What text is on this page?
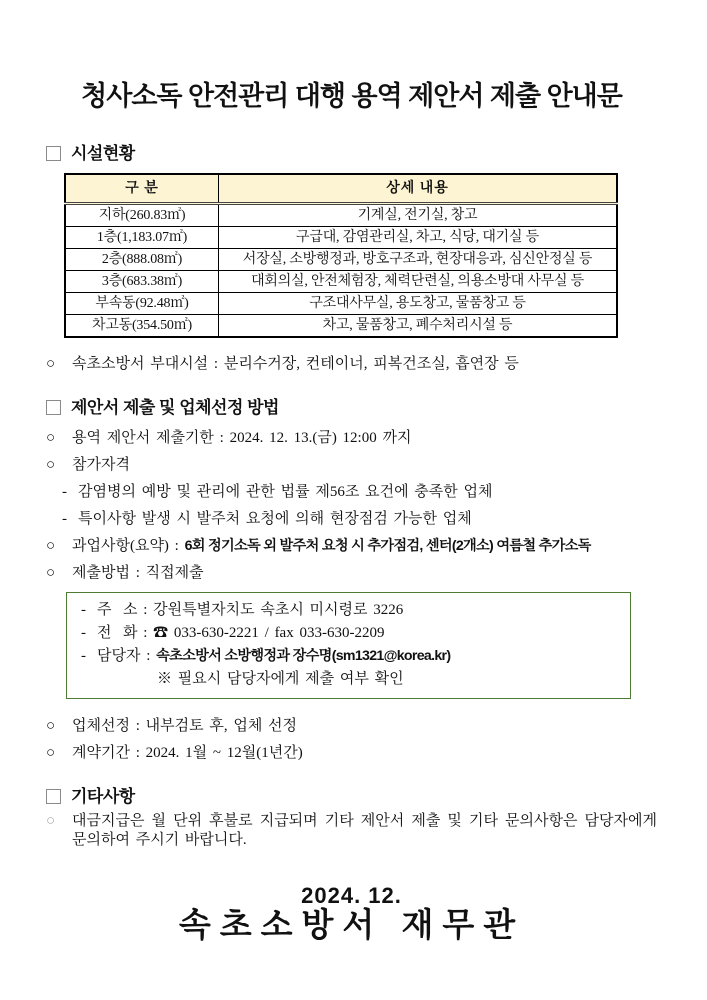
청사소독 안전관리 대행 용역 제안서 제출 안내문
시설현황
구 분	상세 내용
지하(260.83㎡)	기계실, 전기실, 창고
1층(1,183.07㎡)	구급대, 감염관리실, 차고, 식당, 대기실 등
2층(888.08㎡)	서장실, 소방행정과, 방호구조과, 현장대응과, 심신안정실 등
3층(683.38㎡)	대회의실, 안전체험장, 체력단련실, 의용소방대 사무실 등
부속동(92.48㎡)	구조대사무실, 용도창고, 물품창고 등
차고동(354.50㎡)	차고, 물품창고, 폐수처리시설 등
○	속초소방서 부대시설 : 분리수거장, 컨테이너, 피복건조실, 흡연장 등
제안서 제출 및 업체선정 방법
○	용역 제안서 제출기한 : 2024. 12. 13.(금) 12:00 까지
○	참가자격
- 감염병의 예방 및 관리에 관한 법률 제56조 요건에 충족한 업체
- 특이사항 발생 시 발주처 요청에 의해 현장점검 가능한 업체
○	과업사항(요약) : 6회 정기소독 외 발주처 요청 시 추가점검, 센터(2개소) 여름철 추가소독
○	제출방법 : 직접제출
- 주  소 : 강원특별자치도 속초시 미시령로 3226
- 전  화 : ☎ 033-630-2221 / fax 033-630-2209
- 담당자 : 속초소방서 소방행정과 장수명(sm1321@korea.kr)
※ 필요시 담당자에게 제출 여부 확인
○	업체선정 : 내부검토 후, 업체 선정
○	계약기간 : 2024. 1월 ~ 12월(1년간)
기타사항
○	대금지급은 월 단위 후불로 지급되며 기타 제안서 제출 및 기타 문의사항은 담당자에게 문의하여 주시기 바랍니다.
2024. 12.
속초소방서 재무관
